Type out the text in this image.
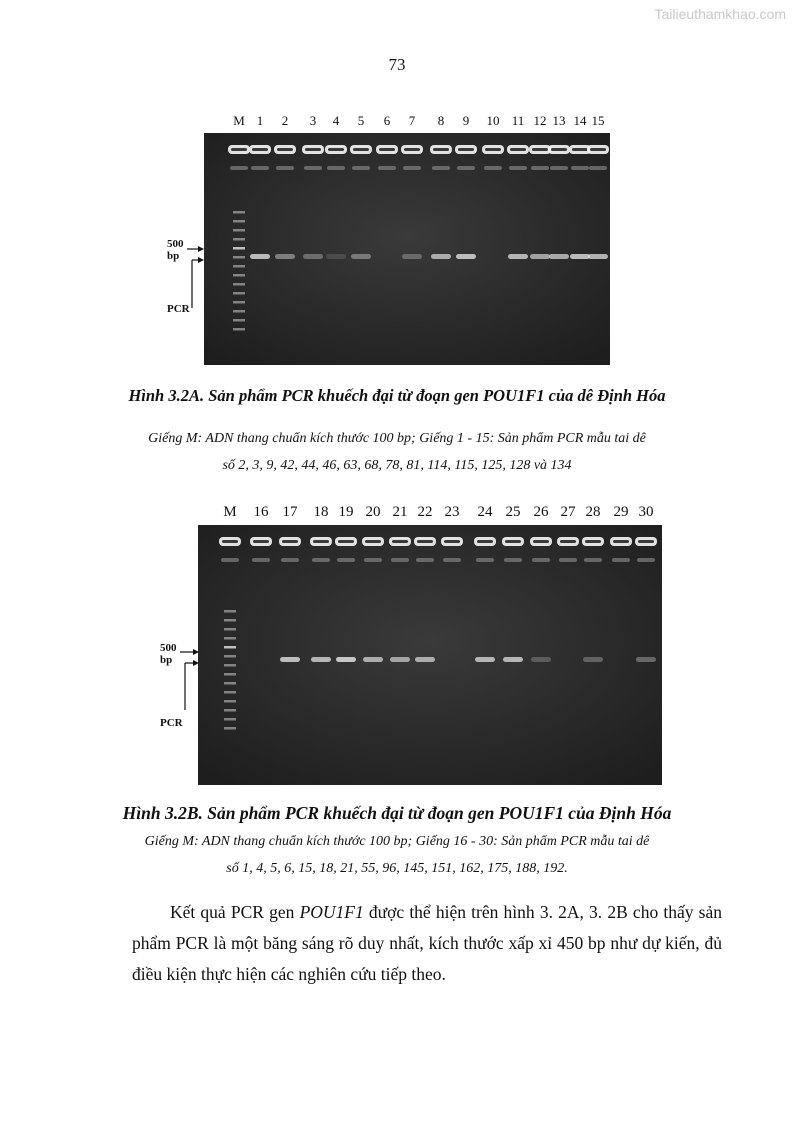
Tailieuthamkhao.com
73
M 1 2 3 4 5 6 7 8 9 10 11 12 13 14 15
500
bp
PCR
Hình 3.2A. Sản phẩm PCR khuếch đại từ đoạn gen POU1F1 của dê Định Hóa
Giếng M: ADN thang chuẩn kích thước 100 bp; Giếng 1 - 15: Sản phẩm PCR mẫu tai dê
số 2, 3, 9, 42, 44, 46, 63, 68, 78, 81, 114, 115, 125, 128 và 134
M 16 17 18 19 20 21 22 23 24 25 26 27 28 29 30
500
bp
PCR
Hình 3.2B. Sản phẩm PCR khuếch đại từ đoạn gen POU1F1 của Định Hóa
Giếng M: ADN thang chuẩn kích thước 100 bp; Giếng 16 - 30: Sản phẩm PCR mẫu tai dê
số 1, 4, 5, 6, 15, 18, 21, 55, 96, 145, 151, 162, 175, 188, 192.

Kết quả PCR gen POU1F1 được thể hiện trên hình 3. 2A, 3. 2B cho thấy sản phẩm PCR là một băng sáng rõ duy nhất, kích thước xấp xỉ 450 bp như dự kiến, đủ điều kiện thực hiện các nghiên cứu tiếp theo.
